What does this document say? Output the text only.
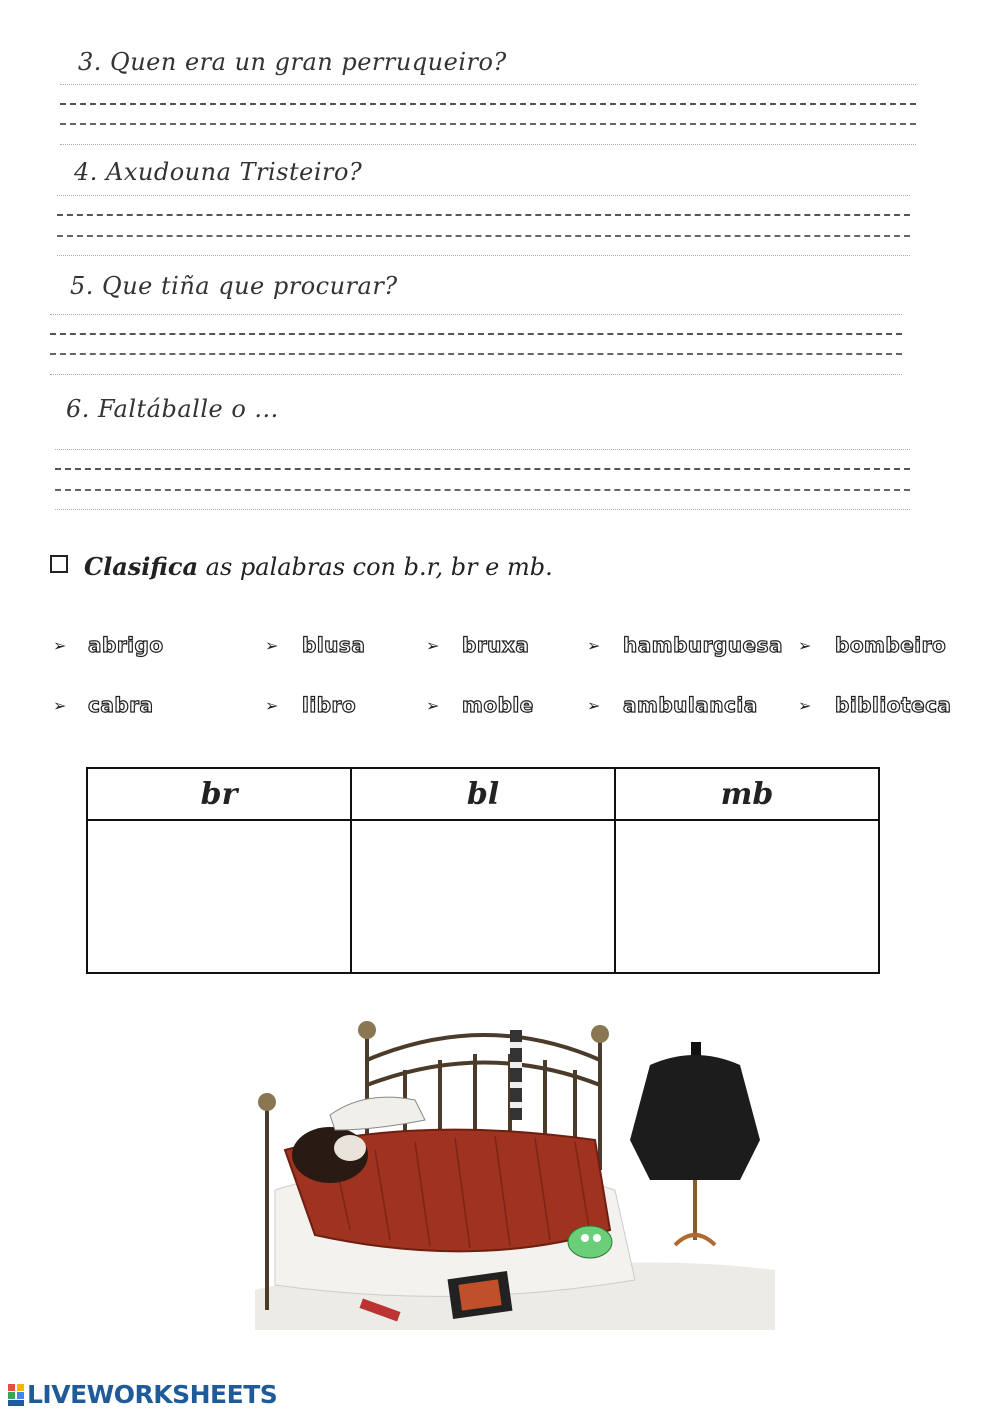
3. Quen era un gran perruqueiro?
4. Axudouna Tristeiro?
5. Que tiña que procurar?
6. Faltáballe o ...
Clasifica as palabras con b.r, br e mb.
➢ abrigo	➢ blusa	➢ bruxa	➢ hamburguesa ➢ bombeiro
➢ cabra	➢ libro	➢ moble	➢ ambulancia	➢ biblioteca
br	bl	mb

LIVEWORKSHEETS
